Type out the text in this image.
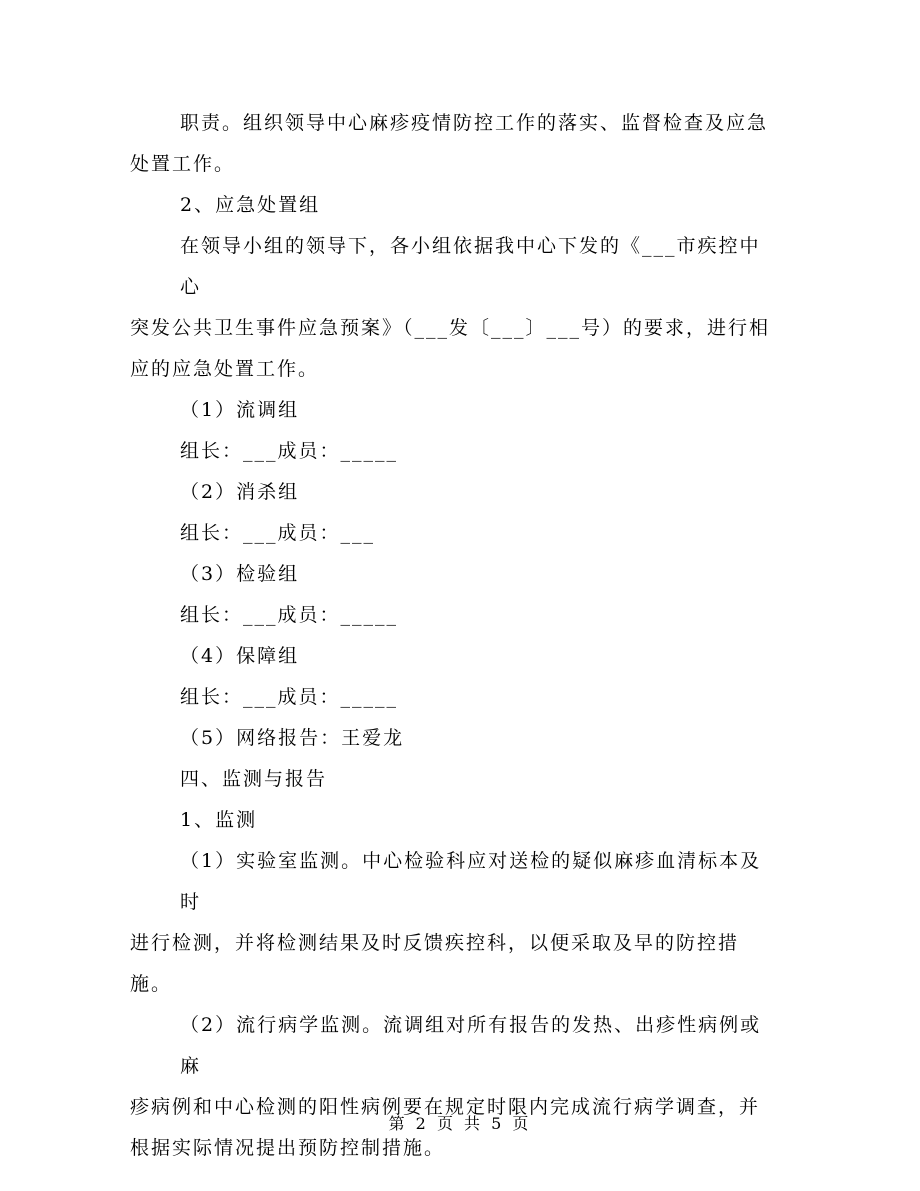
职责。组织领导中心麻疹疫情防控工作的落实、监督检查及应急

处置工作。

2、应急处置组

在领导小组的领导下，各小组依据我中心下发的《___市疾控中心

突发公共卫生事件应急预案》（___发〔___〕___号）的要求，进行相应的应急处置工作。

（1）流调组

组长：___成员：_____

（2）消杀组

组长：___成员：___

（3）检验组

组长：___成员：_____

（4）保障组

组长：___成员：_____

（5）网络报告：王爱龙

四、监测与报告

1、监测

（1）实验室监测。中心检验科应对送检的疑似麻疹血清标本及时

进行检测，并将检测结果及时反馈疾控科，以便采取及早的防控措施。

（2）流行病学监测。流调组对所有报告的发热、出疹性病例或麻

疹病例和中心检测的阳性病例要在规定时限内完成流行病学调查，并根据实际情况提出预防控制措施。

第 2 页 共 5 页
